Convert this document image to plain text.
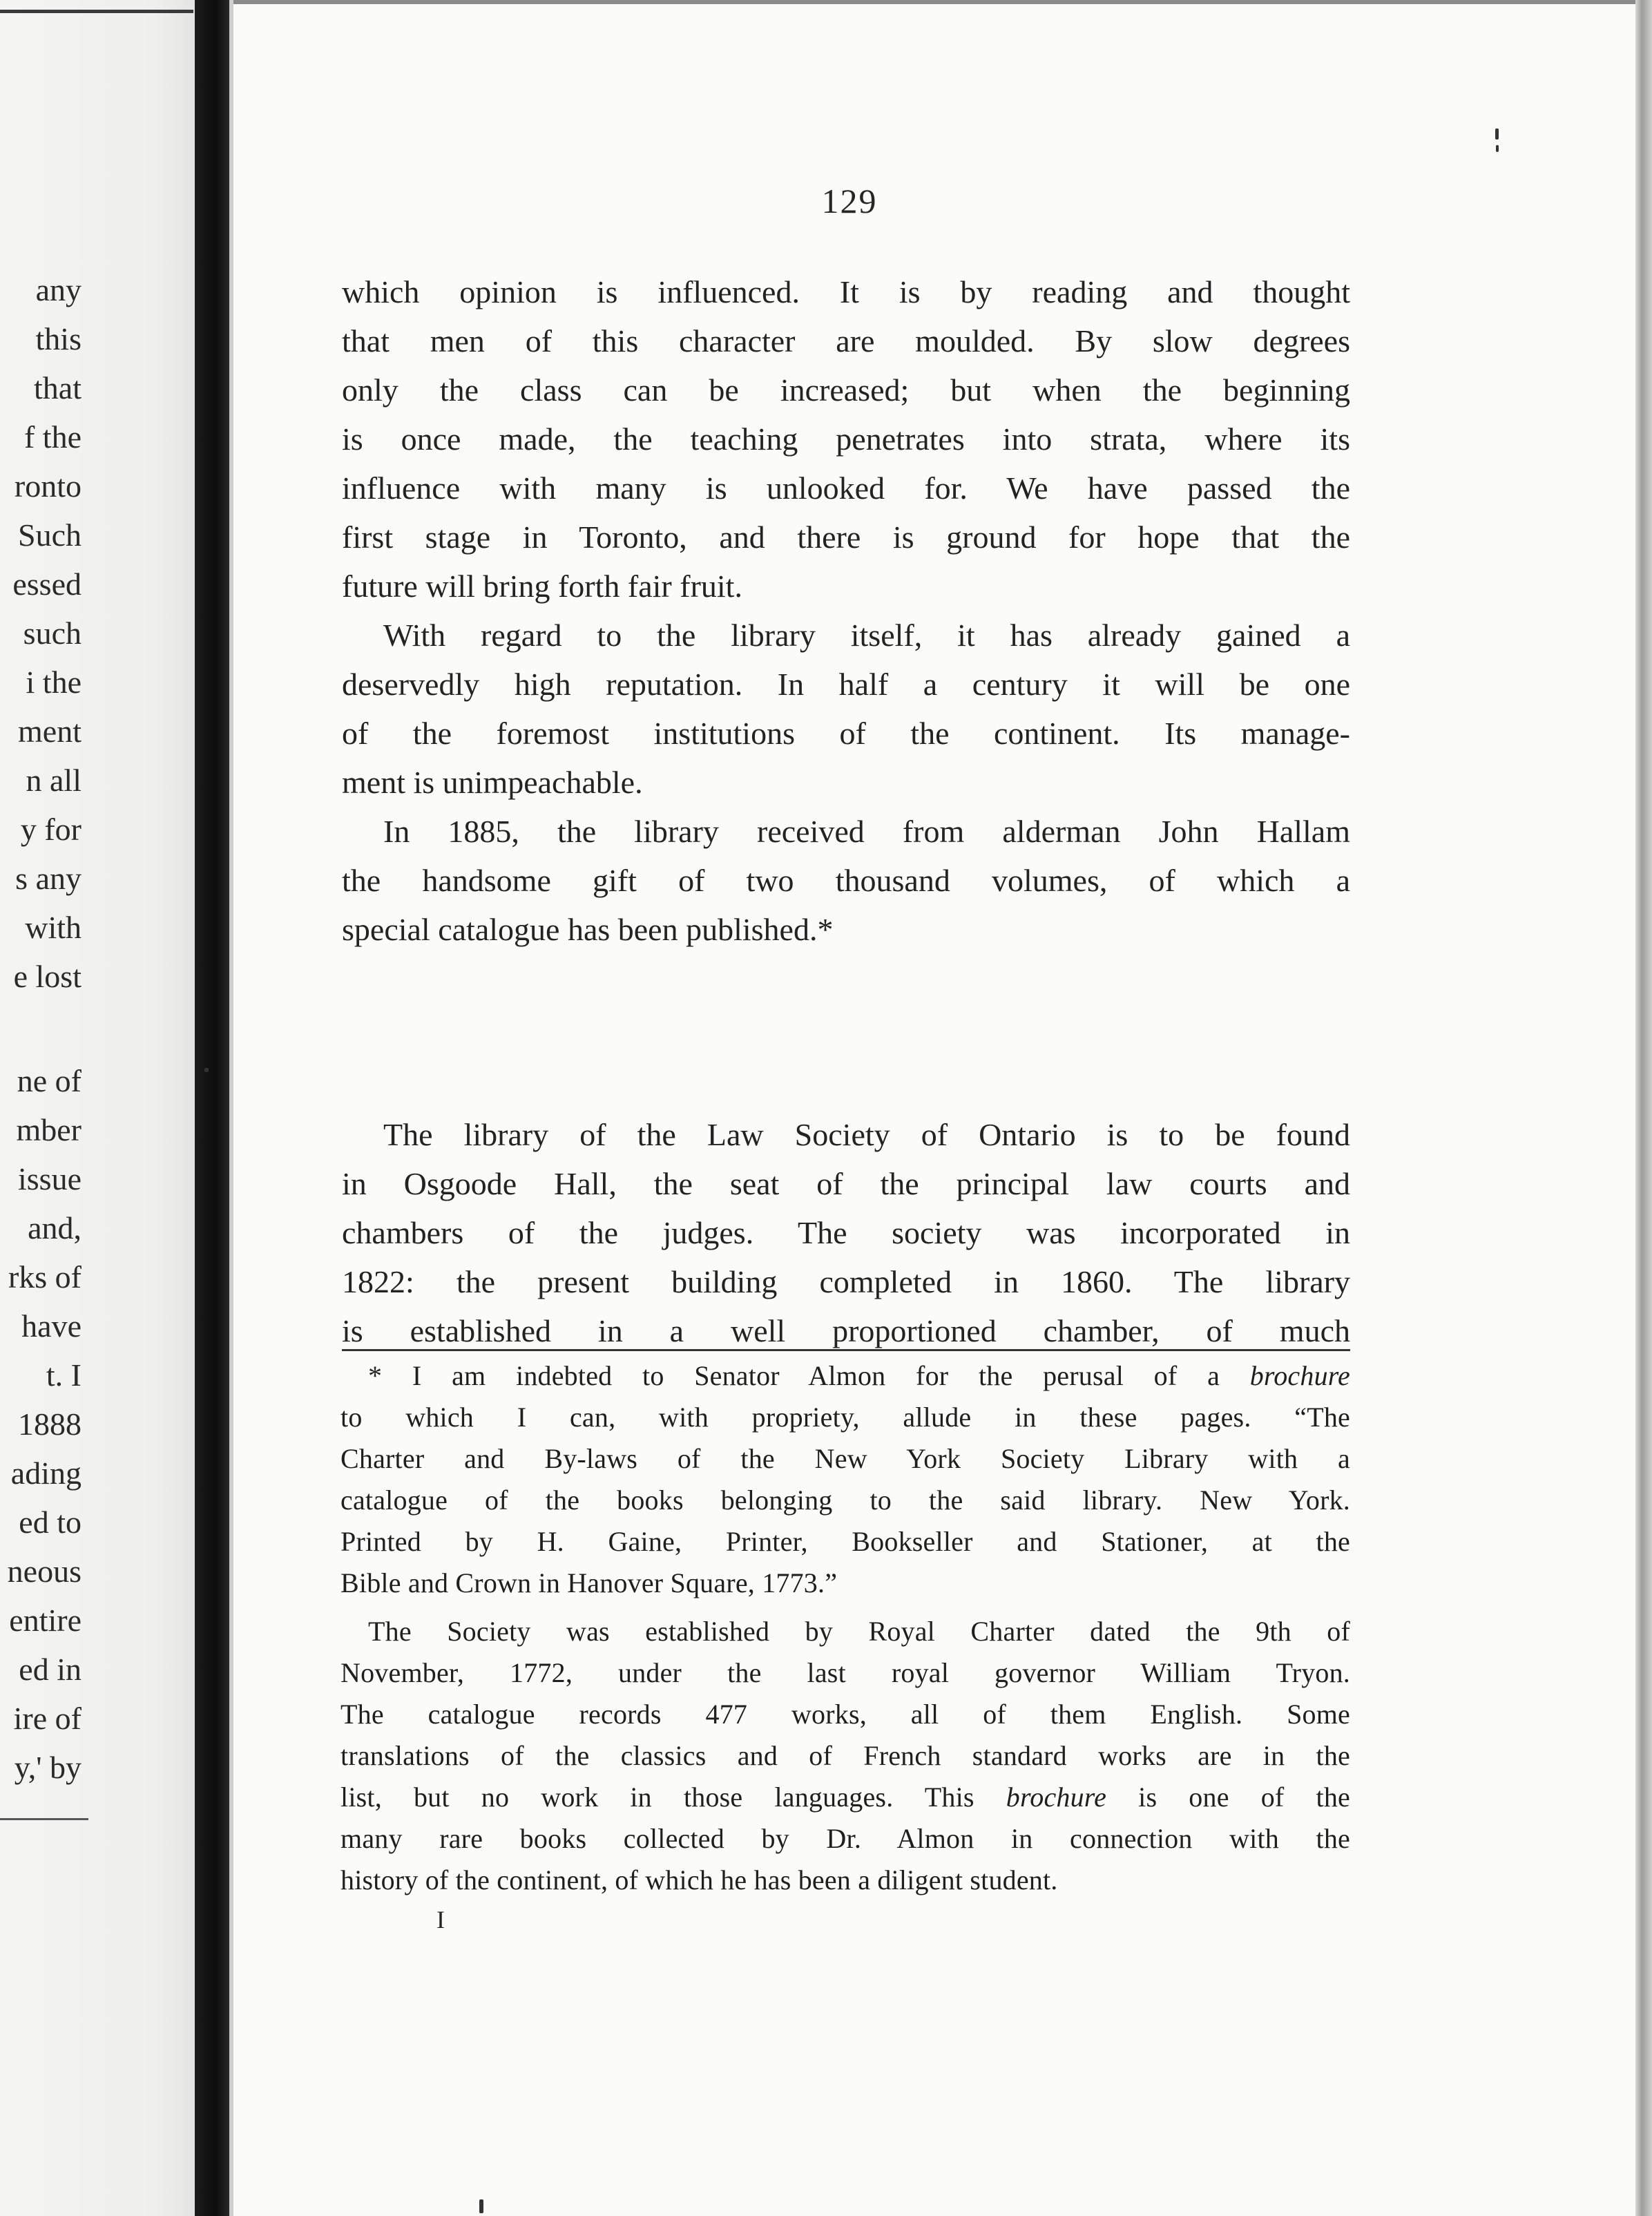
any
this
that
f the
ronto
Such
essed
such
i the
ment
n all
y for
s any
with
e lost
ne of
mber
issue
and,
rks of
have
t. I
1888
ading
ed to
neous
entire
ed in
ire of
y,' by
129
which opinion is influenced. It is by reading and thought
that men of this character are moulded. By slow degrees
only the class can be increased; but when the beginning
is once made, the teaching penetrates into strata, where its
influence with many is unlooked for. We have passed the
first stage in Toronto, and there is ground for hope that the
future will bring forth fair fruit.
With regard to the library itself, it has already gained a
deservedly high reputation. In half a century it will be one
of the foremost institutions of the continent. Its manage-
ment is unimpeachable.
In 1885, the library received from alderman John Hallam
the handsome gift of two thousand volumes, of which a
special catalogue has been published.*
The library of the Law Society of Ontario is to be found
in Osgoode Hall, the seat of the principal law courts and
chambers of the judges. The society was incorporated in
1822: the present building completed in 1860. The library
is established in a well proportioned chamber, of much
* I am indebted to Senator Almon for the perusal of a brochure
to which I can, with propriety, allude in these pages. “The
Charter and By-laws of the New York Society Library with a
catalogue of the books belonging to the said library. New York.
Printed by H. Gaine, Printer, Bookseller and Stationer, at the
Bible and Crown in Hanover Square, 1773.”
The Society was established by Royal Charter dated the 9th of
November, 1772, under the last royal governor William Tryon.
The catalogue records 477 works, all of them English. Some
translations of the classics and of French standard works are in the
list, but no work in those languages. This brochure is one of the
many rare books collected by Dr. Almon in connection with the
history of the continent, of which he has been a diligent student.
I
